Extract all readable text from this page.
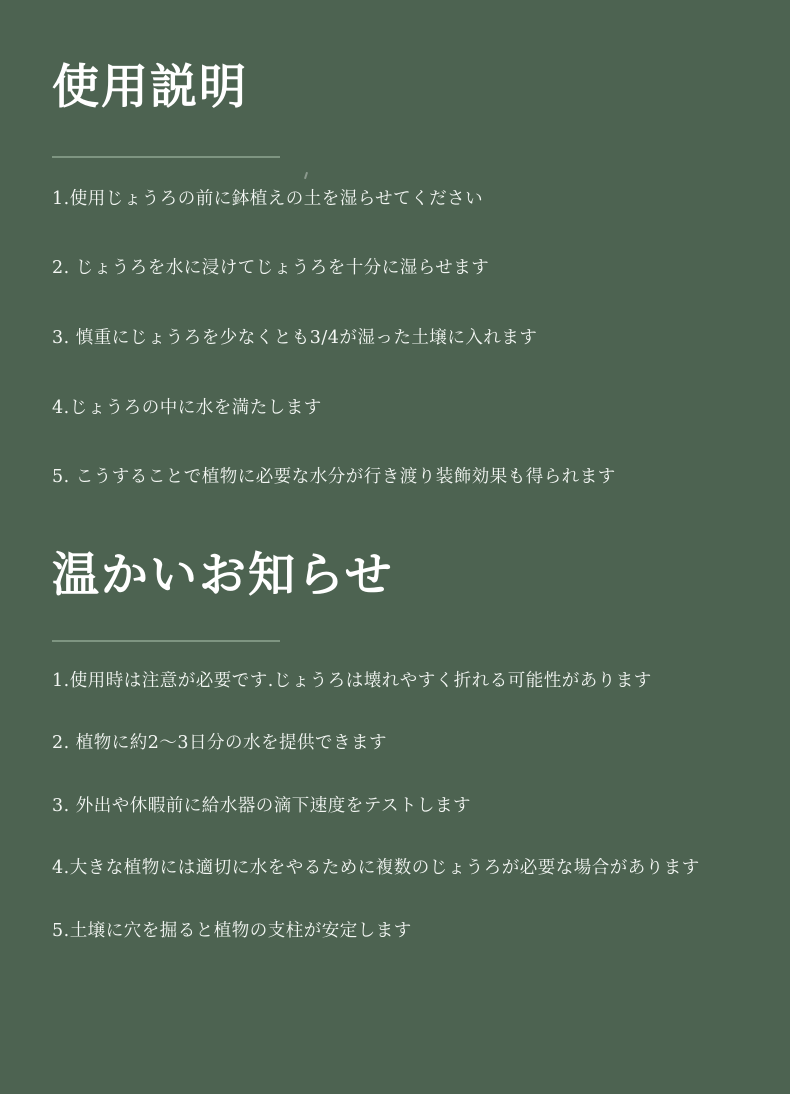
使用説明
1.使用じょうろの前に鉢植えの土を湿らせてください
2. じょうろを水に浸けてじょうろを十分に湿らせます
3. 慎重にじょうろを少なくとも3/4が湿った土壌に入れます
4.じょうろの中に水を満たします
5. こうすることで植物に必要な水分が行き渡り装飾効果も得られます
温かいお知らせ
1.使用時は注意が必要です.じょうろは壊れやすく折れる可能性があります
2. 植物に約2〜3日分の水を提供できます
3. 外出や休暇前に給水器の滴下速度をテストします
4.大きな植物には適切に水をやるために複数のじょうろが必要な場合があります
5.土壌に穴を掘ると植物の支柱が安定します
